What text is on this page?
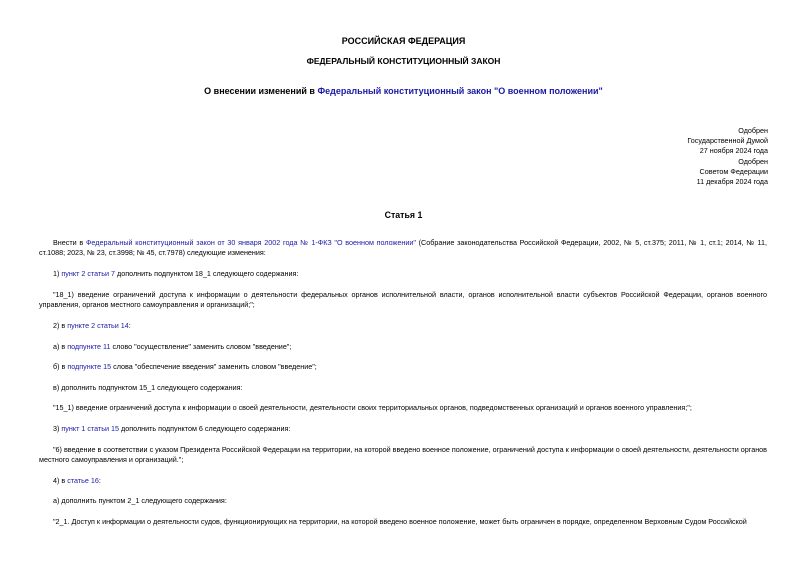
РОССИЙСКАЯ ФЕДЕРАЦИЯ
ФЕДЕРАЛЬНЫЙ КОНСТИТУЦИОННЫЙ ЗАКОН
О внесении изменений в Федеральный конституционный закон "О военном положении"
Одобрен
Государственной Думой
27 ноября 2024 года
Одобрен
Советом Федерации
11 декабря 2024 года
Статья 1
Внести в Федеральный конституционный закон от 30 января 2002 года № 1-ФКЗ "О военном положении" (Собрание законодательства Российской Федерации, 2002, № 5, ст.375; 2011, № 1, ст.1; 2014, № 11, ст.1088; 2023, № 23, ст.3998; № 45, ст.7978) следующие изменения:
1) пункт 2 статьи 7 дополнить подпунктом 18_1 следующего содержания:
"18_1) введение ограничений доступа к информации о деятельности федеральных органов исполнительной власти, органов исполнительной власти субъектов Российской Федерации, органов военного управления, органов местного самоуправления и организаций;";
2) в пункте 2 статьи 14:
а) в подпункте 11 слово "осуществление" заменить словом "введение";
б) в подпункте 15 слова "обеспечение введения" заменить словом "введение";
в) дополнить подпунктом 15_1 следующего содержания:
"15_1) введение ограничений доступа к информации о своей деятельности, деятельности своих территориальных органов, подведомственных организаций и органов военного управления;";
3) пункт 1 статьи 15 дополнить подпунктом 6 следующего содержания:
"6) введение в соответствии с указом Президента Российской Федерации на территории, на которой введено военное положение, ограничений доступа к информации о своей деятельности, деятельности органов местного самоуправления и организаций.";
4) в статье 16:
а) дополнить пунктом 2_1 следующего содержания:
"2_1. Доступ к информации о деятельности судов, функционирующих на территории, на которой введено военное положение, может быть ограничен в порядке, определенном Верховным Судом Российской
